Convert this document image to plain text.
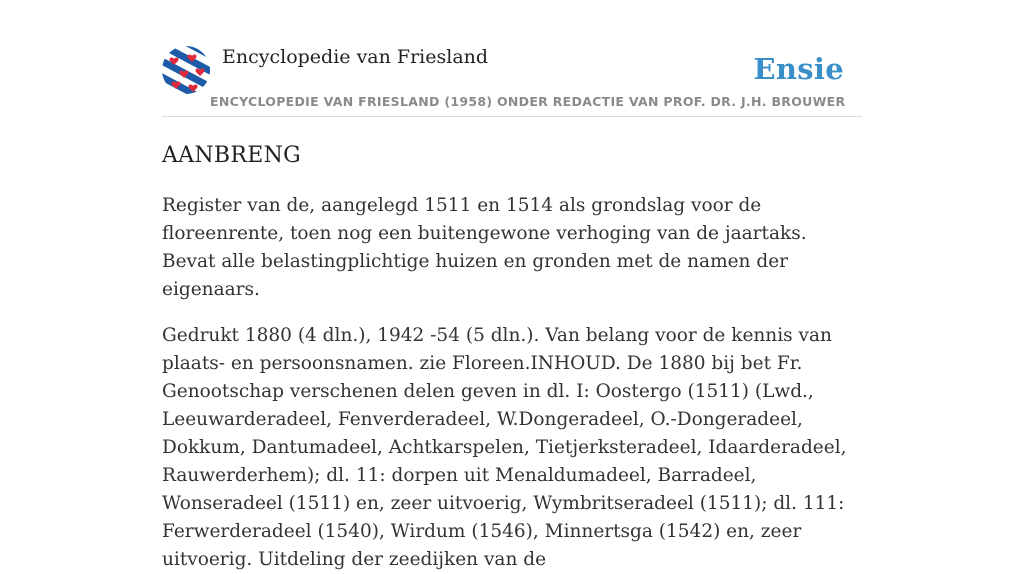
Encyclopedie van Friesland	Ensie
ENCYCLOPEDIE VAN FRIESLAND (1958) ONDER REDACTIE VAN PROF. DR. J.H. BROUWER
AANBRENG

Register van de, aangelegd 1511 en 1514 als grondslag voor de floreenrente, toen nog een buitengewone verhoging van de jaartaks. Bevat alle belastingplichtige huizen en gronden met de namen der eigenaars.

Gedrukt 1880 (4 dln.), 1942 -54 (5 dln.). Van belang voor de kennis van plaats- en persoonsnamen. zie Floreen.INHOUD. De 1880 bij bet Fr. Genootschap verschenen delen geven in dl. I: Oostergo (1511) (Lwd., Leeuwarderadeel, Fenverderadeel, W.Dongeradeel, O.-Dongeradeel, Dokkum, Dantumadeel, Achtkarspelen, Tietjerksteradeel, Idaarderadeel, Rauwerderhem); dl. 11: dorpen uit Menaldumadeel, Barradeel, Wonseradeel (1511) en, zeer uitvoerig, Wymbritseradeel (1511); dl. 111: Ferwerderadeel (1540), Wirdum (1546), Minnertsga (1542) en, zeer uitvoerig. Uitdeling der zeedijken van de
